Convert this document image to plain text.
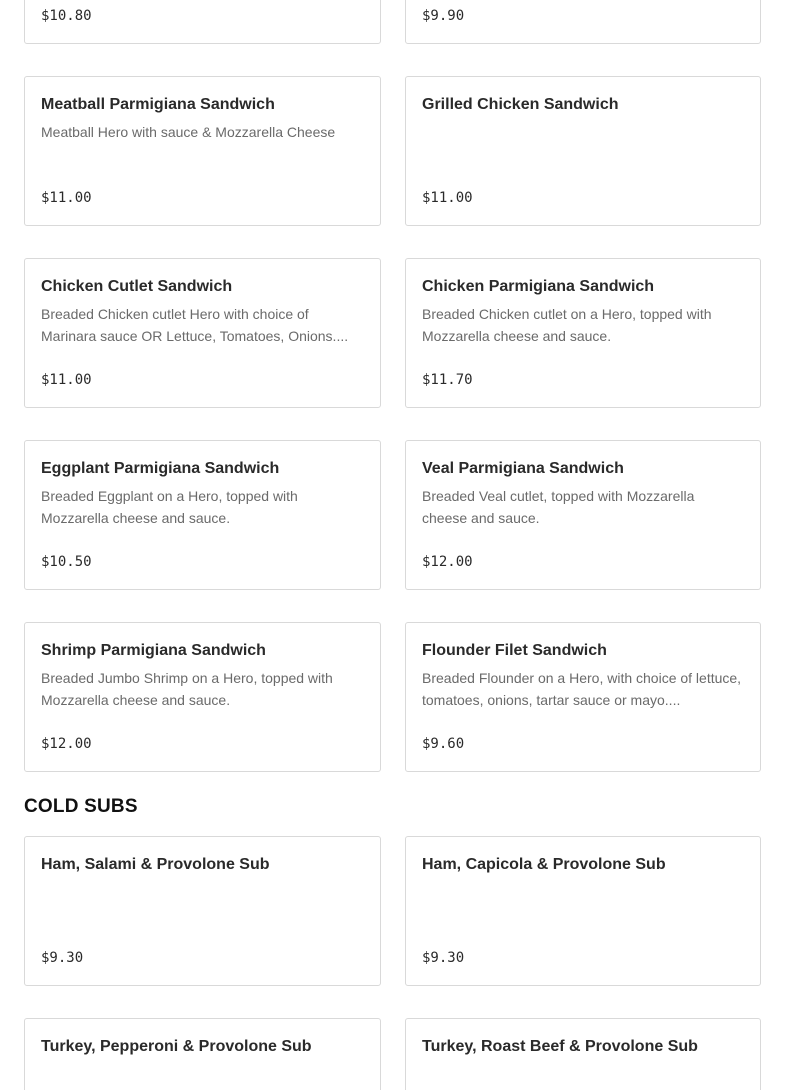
$10.80	$9.90
Meatball Parmigiana Sandwich
Meatball Hero with sauce & Mozzarella Cheese
$11.00
Grilled Chicken Sandwich
$11.00
Chicken Cutlet Sandwich
Breaded Chicken cutlet Hero with choice of Marinara sauce OR Lettuce, Tomatoes, Onions....
$11.00
Chicken Parmigiana Sandwich
Breaded Chicken cutlet on a Hero, topped with Mozzarella cheese and sauce.
$11.70
Eggplant Parmigiana Sandwich
Breaded Eggplant on a Hero, topped with Mozzarella cheese and sauce.
$10.50
Veal Parmigiana Sandwich
Breaded Veal cutlet, topped with Mozzarella cheese and sauce.
$12.00
Shrimp Parmigiana Sandwich
Breaded Jumbo Shrimp on a Hero, topped with Mozzarella cheese and sauce.
$12.00
Flounder Filet Sandwich
Breaded Flounder on a Hero, with choice of lettuce, tomatoes, onions, tartar sauce or mayo....
$9.60
COLD SUBS
Ham, Salami & Provolone Sub
$9.30
Ham, Capicola & Provolone Sub
$9.30
Turkey, Pepperoni & Provolone Sub	Turkey, Roast Beef & Provolone Sub
